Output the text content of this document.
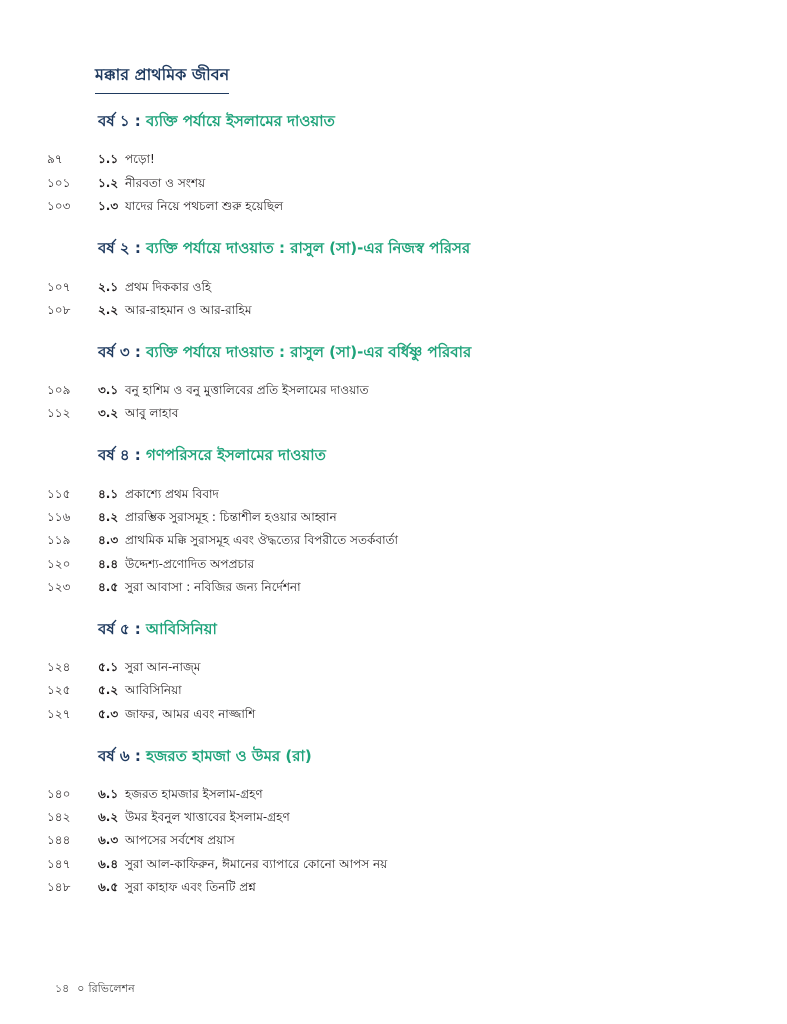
মক্কার প্রাথমিক জীবন
বর্ষ ১ : ব্যক্তি পর্যায়ে ইসলামের দাওয়াত
৯৭	১.১ পড়ো!
১০১ ১.২ নীরবতা ও সংশয়
১০৩ ১.৩ যাদের নিয়ে পথচলা শুরু হয়েছিল
বর্ষ ২ : ব্যক্তি পর্যায়ে দাওয়াত : রাসুল (সা)-এর নিজস্ব পরিসর
১০৭ ২.১ প্রথম দিককার ওহি
১০৮ ২.২ আর-রাহমান ও আর-রাহিম
বর্ষ ৩ : ব্যক্তি পর্যায়ে দাওয়াত : রাসুল (সা)-এর বর্ধিষ্ণু পরিবার
১০৯ ৩.১ বনু হাশিম ও বনু মুত্তালিবের প্রতি ইসলামের দাওয়াত
১১২ ৩.২ আবু লাহাব
বর্ষ ৪ : গণপরিসরে ইসলামের দাওয়াত
১১৫ ৪.১ প্রকাশ্যে প্রথম বিবাদ
১১৬ ৪.২ প্রারম্ভিক সুরাসমূহ : চিন্তাশীল হওয়ার আহ্বান
১১৯ ৪.৩ প্রাথমিক মক্কি সুরাসমূহ এবং ঔদ্ধত্যের বিপরীতে সতর্কবার্তা
১২০ ৪.৪ উদ্দেশ্য-প্রণোদিত অপপ্রচার
১২৩ ৪.৫ সুরা আবাসা : নবিজির জন্য নির্দেশনা
বর্ষ ৫ : আবিসিনিয়া
১২৪ ৫.১ সুরা আন-নাজ্‌ম
১২৫ ৫.২ আবিসিনিয়া
১২৭ ৫.৩ জাফর, আমর এবং নাজ্জাশি
বর্ষ ৬ : হজরত হামজা ও উমর (রা)
১৪০ ৬.১ হজরত হামজার ইসলাম-গ্রহণ
১৪২ ৬.২ উমর ইবনুল খাত্তাবের ইসলাম-গ্রহণ
১৪৪ ৬.৩ আপসের সর্বশেষ প্রয়াস
১৪৭ ৬.৪ সুরা আল-কাফিরুন, ঈমানের ব্যাপারে কোনো আপস নয়
১৪৮ ৬.৫ সুরা কাহাফ এবং তিনটি প্রশ্ন
১৪ ০ রিভিলেশন
